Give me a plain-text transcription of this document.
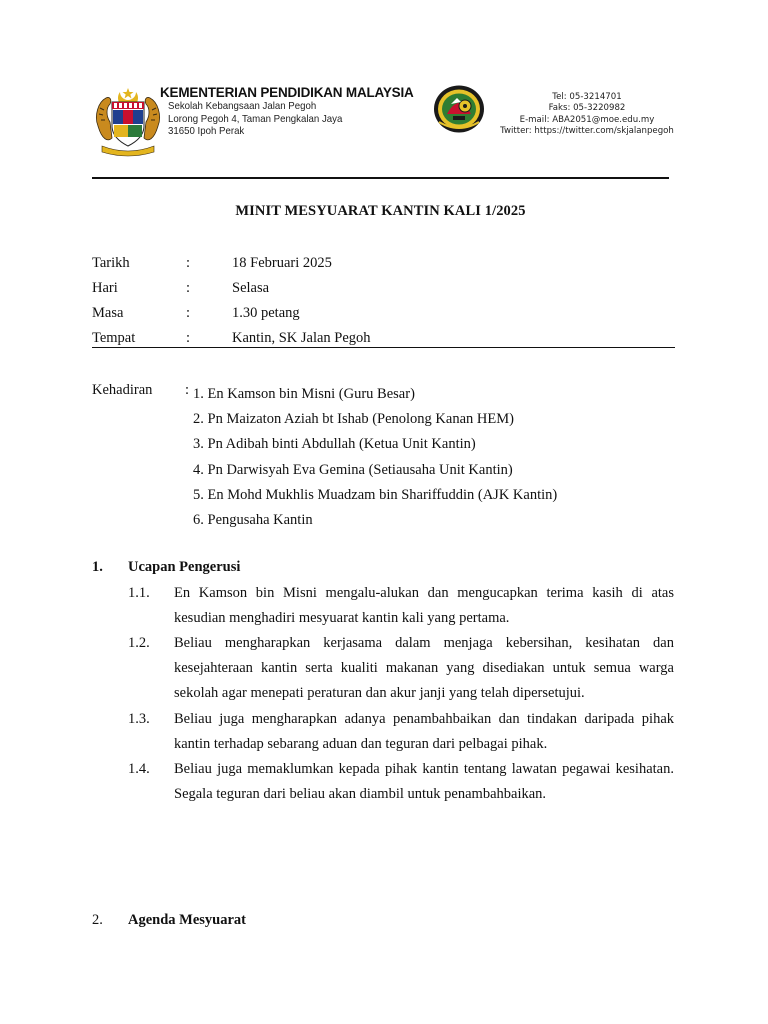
KEMENTERIAN PENDIDIKAN MALAYSIA
Sekolah Kebangsaan Jalan Pegoh
Lorong Pegoh 4, Taman Pengkalan Jaya
31650 Ipoh Perak
Tel: 05-3214701
Faks: 05-3220982
E-mail: ABA2051@moe.edu.my
Twitter: https://twitter.com/skjalanpegoh
MINIT MESYUARAT KANTIN KALI 1/2025
Tarikh	:	18 Februari 2025
Hari	:	Selasa
Masa	:	1.30 petang
Tempat	:	Kantin, SK Jalan Pegoh
Kehadiran : 1. En Kamson bin Misni (Guru Besar)
2. Pn Maizaton Aziah bt Ishab (Penolong Kanan HEM)
3. Pn Adibah binti Abdullah (Ketua Unit Kantin)
4. Pn Darwisyah Eva Gemina (Setiausaha Unit Kantin)
5. En Mohd Mukhlis Muadzam bin Shariffuddin (AJK Kantin)
6. Pengusaha Kantin
1. Ucapan Pengerusi
1.1. En Kamson bin Misni mengalu-alukan dan mengucapkan terima kasih di atas kesudian menghadiri mesyuarat kantin kali yang pertama.
1.2. Beliau mengharapkan kerjasama dalam menjaga kebersihan, kesihatan dan kesejahteraan kantin serta kualiti makanan yang disediakan untuk semua warga sekolah agar menepati peraturan dan akur janji yang telah dipersetujui.
1.3. Beliau juga mengharapkan adanya penambahbaikan dan tindakan daripada pihak kantin terhadap sebarang aduan dan teguran dari pelbagai pihak.
1.4. Beliau juga memaklumkan kepada pihak kantin tentang lawatan pegawai kesihatan. Segala teguran dari beliau akan diambil untuk penambahbaikan.
2. Agenda Mesyuarat
